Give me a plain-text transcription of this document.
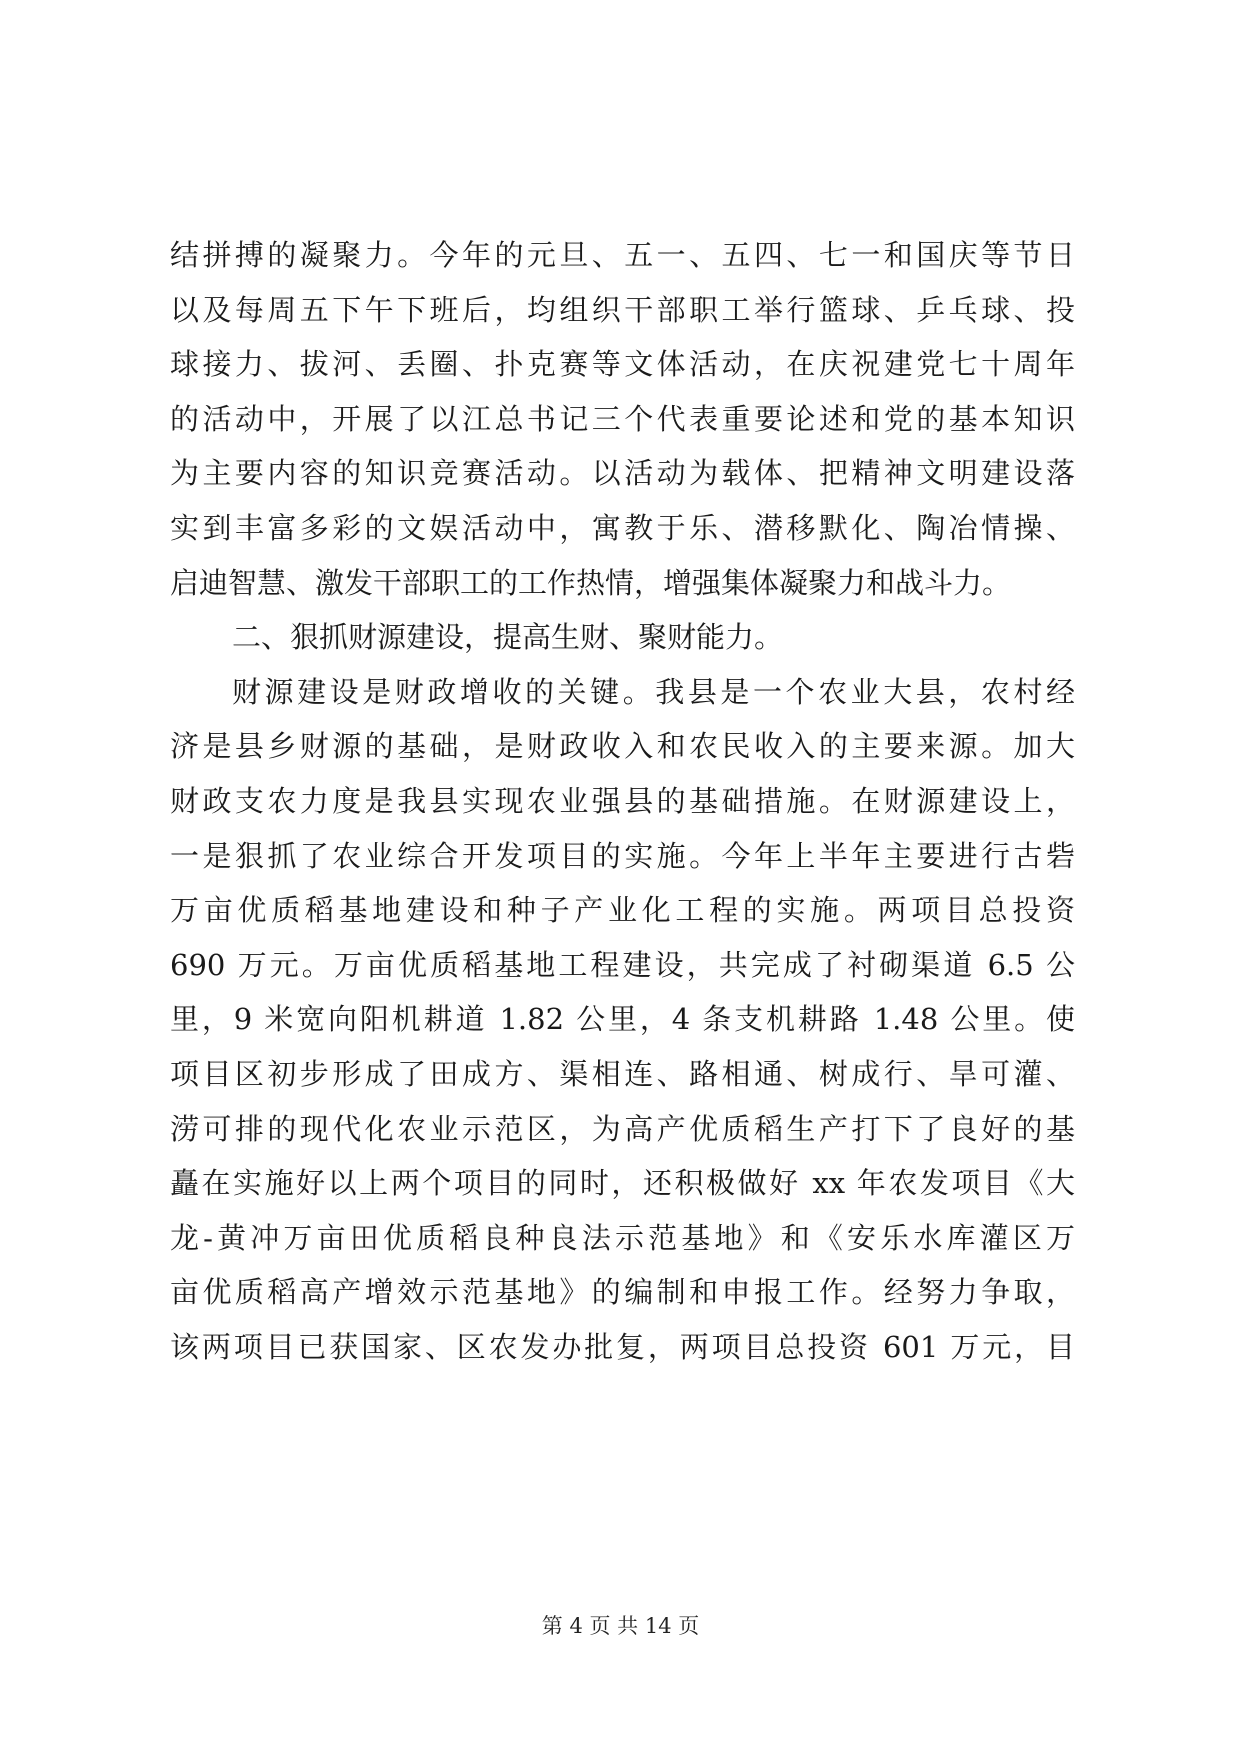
结拼搏的凝聚力。今年的元旦、五一、五四、七一和国庆等节日
以及每周五下午下班后，均组织干部职工举行篮球、乒乓球、投
球接力、拔河、丢圈、扑克赛等文体活动，在庆祝建党七十周年
的活动中，开展了以江总书记三个代表重要论述和党的基本知识
为主要内容的知识竞赛活动。以活动为载体、把精神文明建设落
实到丰富多彩的文娱活动中，寓教于乐、潜移默化、陶冶情操、
启迪智慧、激发干部职工的工作热情，增强集体凝聚力和战斗力。
二、狠抓财源建设，提高生财、聚财能力。
财源建设是财政增收的关键。我县是一个农业大县，农村经
济是县乡财源的基础，是财政收入和农民收入的主要来源。加大
财政支农力度是我县实现农业强县的基础措施。在财源建设上，
一是狠抓了农业综合开发项目的实施。今年上半年主要进行古砦
万亩优质稻基地建设和种子产业化工程的实施。两项目总投资
690 万元。万亩优质稻基地工程建设，共完成了衬砌渠道 6.5 公
里，9 米宽向阳机耕道 1.82 公里，4 条支机耕路 1.48 公里。使
项目区初步形成了田成方、渠相连、路相通、树成行、旱可灌、
涝可排的现代化农业示范区，为高产优质稻生产打下了良好的基
矗在实施好以上两个项目的同时，还积极做好 xx 年农发项目《大
龙-黄冲万亩田优质稻良种良法示范基地》和《安乐水库灌区万
亩优质稻高产增效示范基地》的编制和申报工作。经努力争取，
该两项目已获国家、区农发办批复，两项目总投资 601 万元，目
第 4 页 共 14 页
